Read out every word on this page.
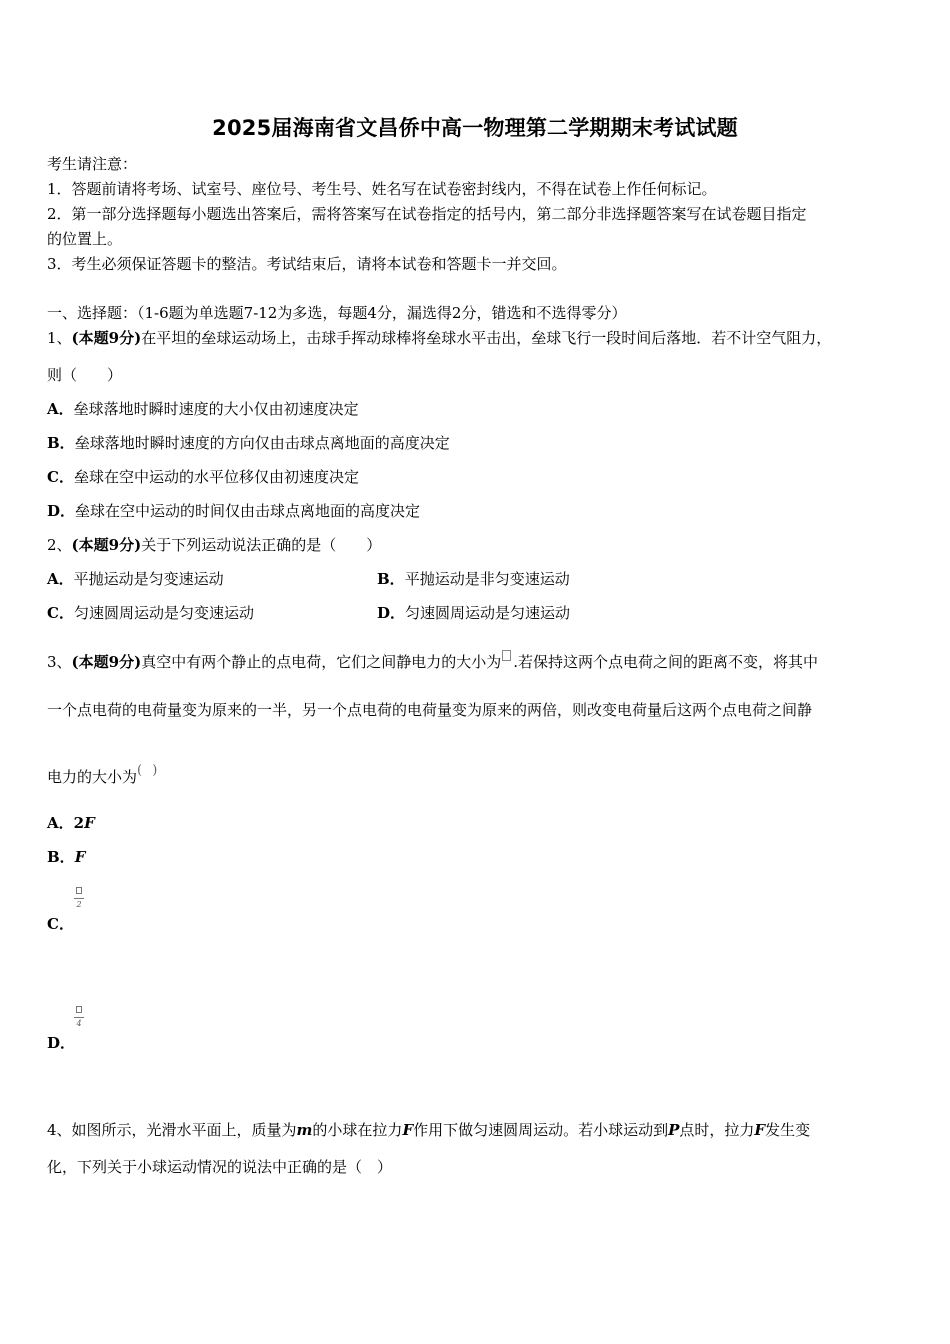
2025届海南省文昌侨中高一物理第二学期期末考试试题
考生请注意：
1．答题前请将考场、试室号、座位号、考生号、姓名写在试卷密封线内，不得在试卷上作任何标记。
2．第一部分选择题每小题选出答案后，需将答案写在试卷指定的括号内，第二部分非选择题答案写在试卷题目指定
的位置上。
3．考生必须保证答题卡的整洁。考试结束后，请将本试卷和答题卡一并交回。
一、选择题：（1-6题为单选题7-12为多选，每题4分，漏选得2分，错选和不选得零分）
1、(本题9分)在平坦的垒球运动场上，击球手挥动球棒将垒球水平击出，垒球飞行一段时间后落地．若不计空气阻力，
则（　　）
A．垒球落地时瞬时速度的大小仅由初速度决定
B．垒球落地时瞬时速度的方向仅由击球点离地面的高度决定
C．垒球在空中运动的水平位移仅由初速度决定
D．垒球在空中运动的时间仅由击球点离地面的高度决定
2、(本题9分)关于下列运动说法正确的是（　　）
A．平抛运动是匀变速运动	B．平抛运动是非匀变速运动
C．匀速圆周运动是匀变速运动	D．匀速圆周运动是匀速运动
3、(本题9分)真空中有两个静止的点电荷，它们之间静电力的大小为 .若保持这两个点电荷之间的距离不变，将其中
一个点电荷的电荷量变为原来的一半，另一个点电荷的电荷量变为原来的两倍，则改变电荷量后这两个点电荷之间静
电力的大小为( )
A．2F
B．F
C．
2
D．
4
4、如图所示，光滑水平面上，质量为m的小球在拉力F作用下做匀速圆周运动。若小球运动到P点时，拉力F发生变
化，下列关于小球运动情况的说法中正确的是（　）
